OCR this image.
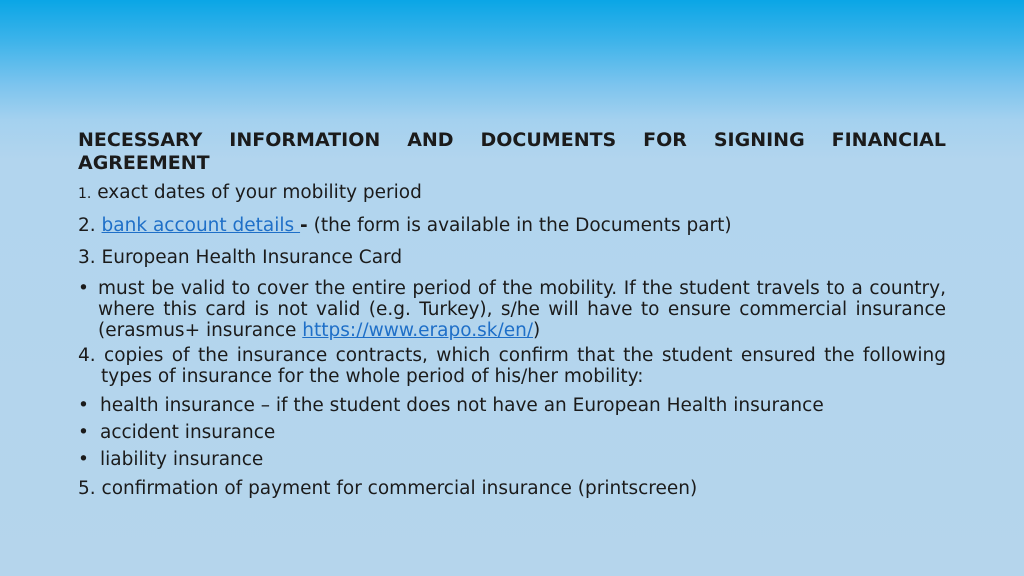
NECESSARY INFORMATION AND DOCUMENTS FOR SIGNING FINANCIAL AGREEMENT
1. exact dates of your mobility period
2. bank account details - (the form is available in the Documents part)
3. European Health Insurance Card
• must be valid to cover the entire period of the mobility. If the student travels to a country, where this card is not valid (e.g. Turkey), s/he will have to ensure commercial insurance (erasmus+ insurance https://www.erapo.sk/en/)
4. copies of the insurance contracts, which confirm that the student ensured the following types of insurance for the whole period of his/her mobility:
• health insurance – if the student does not have an European Health insurance
• accident insurance
• liability insurance
5. confirmation of payment for commercial insurance (printscreen)
